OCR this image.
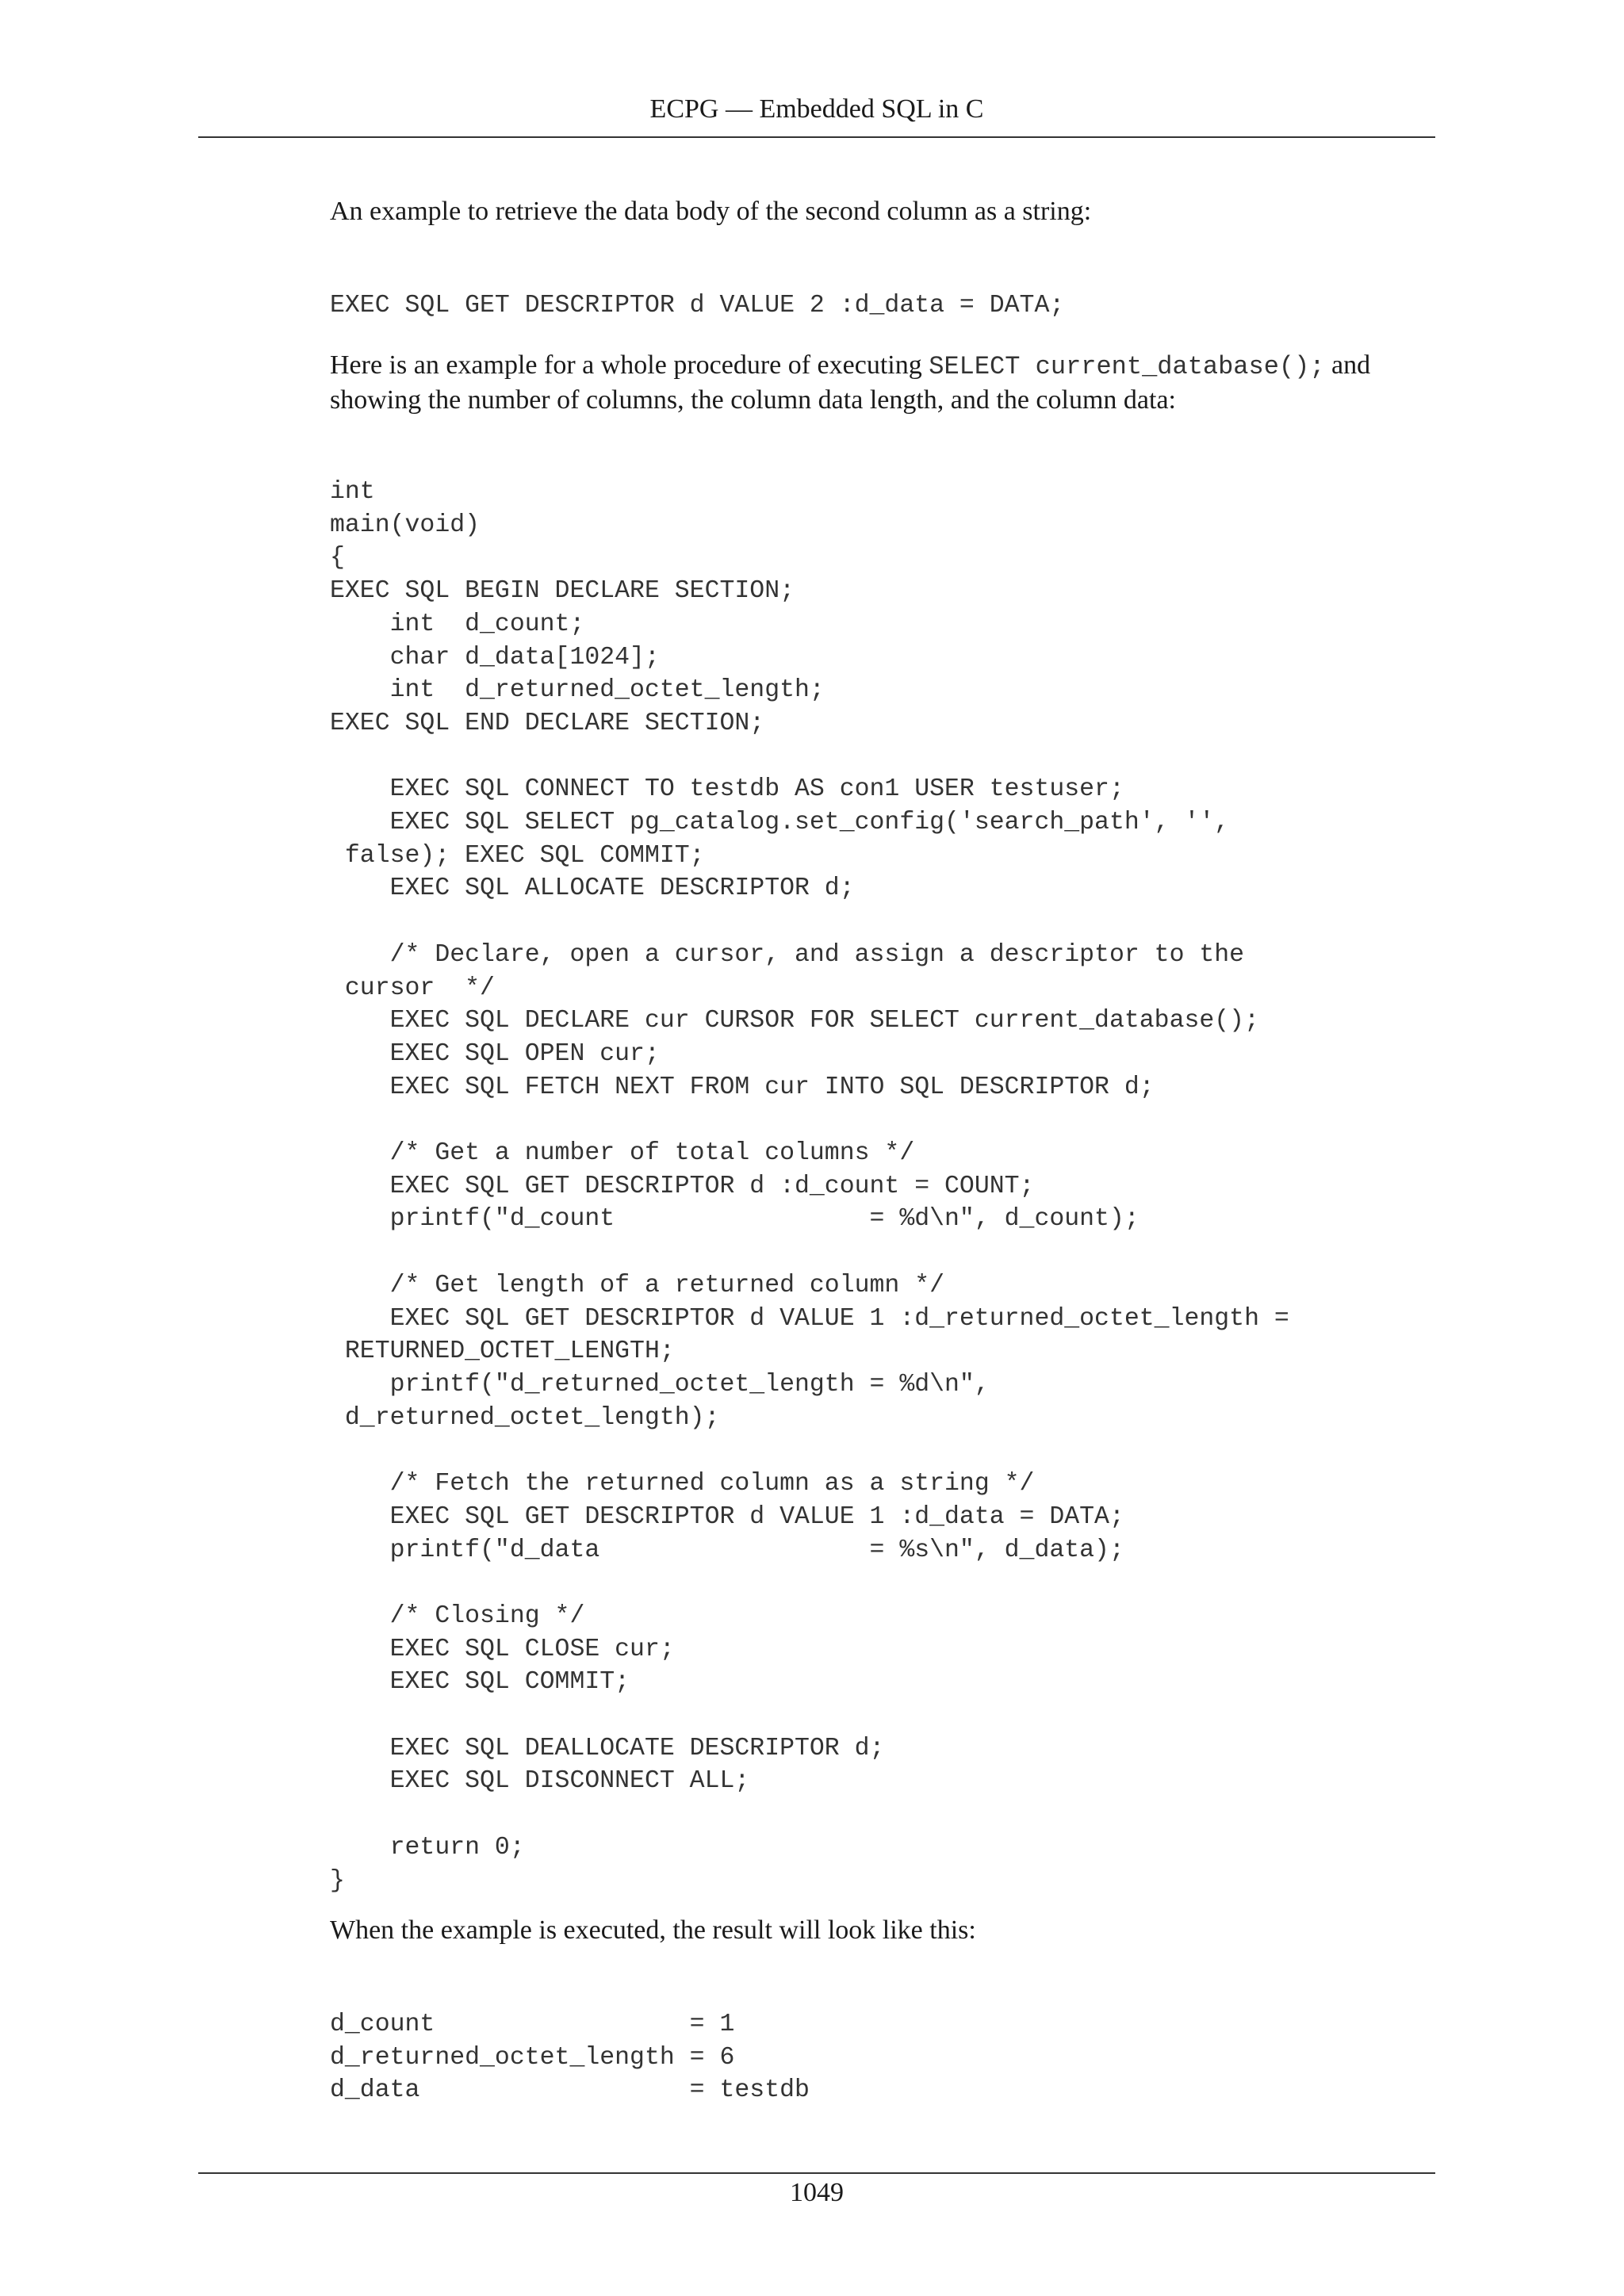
ECPG — Embedded SQL in C

An example to retrieve the data body of the second column as a string:

EXEC SQL GET DESCRIPTOR d VALUE 2 :d_data = DATA;

Here is an example for a whole procedure of executing SELECT current_database(); and showing the number of columns, the column data length, and the column data:

int
main(void)
{
EXEC SQL BEGIN DECLARE SECTION;
int  d_count;
char d_data[1024];
int  d_returned_octet_length;
EXEC SQL END DECLARE SECTION;

EXEC SQL CONNECT TO testdb AS con1 USER testuser;
EXEC SQL SELECT pg_catalog.set_config('search_path', '',
false); EXEC SQL COMMIT;
EXEC SQL ALLOCATE DESCRIPTOR d;

/* Declare, open a cursor, and assign a descriptor to the
cursor  */
EXEC SQL DECLARE cur CURSOR FOR SELECT current_database();
EXEC SQL OPEN cur;
EXEC SQL FETCH NEXT FROM cur INTO SQL DESCRIPTOR d;

/* Get a number of total columns */
EXEC SQL GET DESCRIPTOR d :d_count = COUNT;
printf("d_count                 = %d\n", d_count);

/* Get length of a returned column */
EXEC SQL GET DESCRIPTOR d VALUE 1 :d_returned_octet_length =
RETURNED_OCTET_LENGTH;
printf("d_returned_octet_length = %d\n",
d_returned_octet_length);

/* Fetch the returned column as a string */
EXEC SQL GET DESCRIPTOR d VALUE 1 :d_data = DATA;
printf("d_data                  = %s\n", d_data);

/* Closing */
EXEC SQL CLOSE cur;
EXEC SQL COMMIT;

EXEC SQL DEALLOCATE DESCRIPTOR d;
EXEC SQL DISCONNECT ALL;

return 0;
}

When the example is executed, the result will look like this:

d_count                 = 1
d_returned_octet_length = 6
d_data                  = testdb

1049
